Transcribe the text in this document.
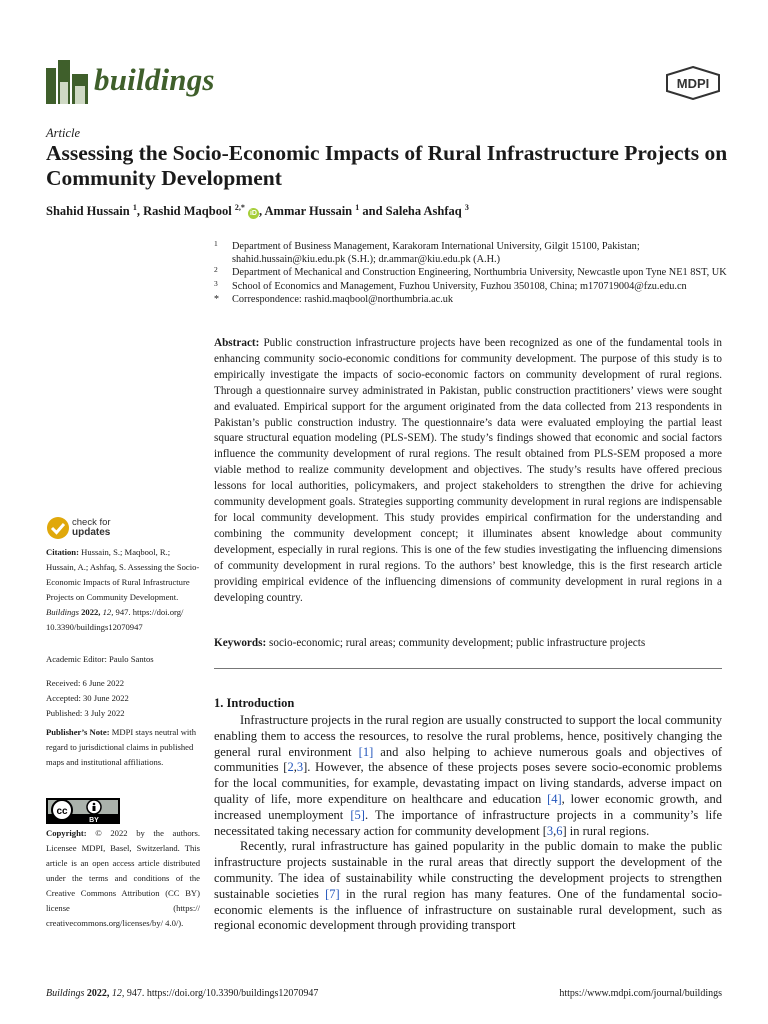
buildings	MDPI
Article
Assessing the Socio-Economic Impacts of Rural Infrastructure Projects on Community Development
Shahid Hussain $^1$, Rashid Maqbool $^{2,*}$ iD , Ammar Hussain $^1$ and Saleha Ashfaq $^3$
1 Department of Business Management, Karakoram International University, Gilgit 15100, Pakistan; shahid.hussain@kiu.edu.pk (S.H.); dr.ammar@kiu.edu.pk (A.H.)
2 Department of Mechanical and Construction Engineering, Northumbria University, Newcastle upon Tyne NE1 8ST, UK
3 School of Economics and Management, Fuzhou University, Fuzhou 350108, China; m170719004@fzu.edu.cn
* Correspondence: rashid.maqbool@northumbria.ac.uk
Abstract: Public construction infrastructure projects have been recognized as one of the fundamental tools in enhancing community socio-economic conditions for community development. The purpose of this study is to empirically investigate the impacts of socio-economic factors on community development of rural regions. Through a questionnaire survey administrated in Pakistan, public construction practitioners’ views were sought and evaluated. Empirical support for the argument originated from the data collected from 213 respondents in Pakistan’s public construction industry. The questionnaire’s data were evaluated employing the partial least square structural equation modeling (PLS-SEM). The study’s findings showed that economic and social factors influence the community development of rural regions. The result obtained from PLS-SEM proposed a more viable method to realize community development and objectives. The study’s results have offered precious lessons for local authorities, policymakers, and project stakeholders to strengthen the drive for achieving community development goals. Strategies supporting community development in rural regions are indispensable for local community development. This study provides empirical confirmation for the understanding and combining the community development concept; it illuminates absent knowledge about community development, especially in rural regions. This is one of the few studies investigating the influencing dimensions of community development in rural regions. To the authors’ best knowledge, this is the first research article providing empirical evidence of the influencing dimensions of community development in rural regions in a developing country.
Keywords: socio-economic; rural areas; community development; public infrastructure projects
check for
updates

Citation: Hussain, S.; Maqbool, R.; Hussain, A.; Ashfaq, S. Assessing the Socio-Economic Impacts of Rural Infrastructure Projects on Community Development. Buildings 2022, 12, 947. https://doi.org/ 10.3390/buildings12070947

Academic Editor: Paulo Santos

Received: 6 June 2022

Accepted: 30 June 2022

Published: 3 July 2022

Publisher’s Note: MDPI stays neutral with regard to jurisdictional claims in published maps and institutional affiliations.

cc
BY

Copyright: © 2022 by the authors. Licensee MDPI, Basel, Switzerland. This article is an open access article distributed under the terms and conditions of the Creative Commons Attribution (CC BY) license (https:// creativecommons.org/licenses/by/ 4.0/).

1. Introduction

Infrastructure projects in the rural region are usually constructed to support the local community enabling them to access the resources, to resolve the rural problems, hence, positively changing the general rural environment [1] and also helping to achieve numerous goals and objectives of communities [2,3]. However, the absence of these projects poses severe socio-economic problems for the local communities, for example, devastating impact on living standards, adverse impact on quality of life, more expenditure on healthcare and education [4], lower economic growth, and increased unemployment [5]. The importance of infrastructure projects in a community’s life necessitated taking necessary action for community development [3,6] in rural regions.

Recently, rural infrastructure has gained popularity in the public domain to make the public infrastructure projects sustainable in the rural areas that directly support the development of the community. The idea of sustainability while constructing the development projects to strengthen sustainable societies [7] in the rural region has many features. One of the fundamental socio-economic elements is the influence of infrastructure on sustainable rural development, such as regional economic development through providing transport

Buildings 2022, 12, 947. https://doi.org/10.3390/buildings12070947	https://www.mdpi.com/journal/buildings
